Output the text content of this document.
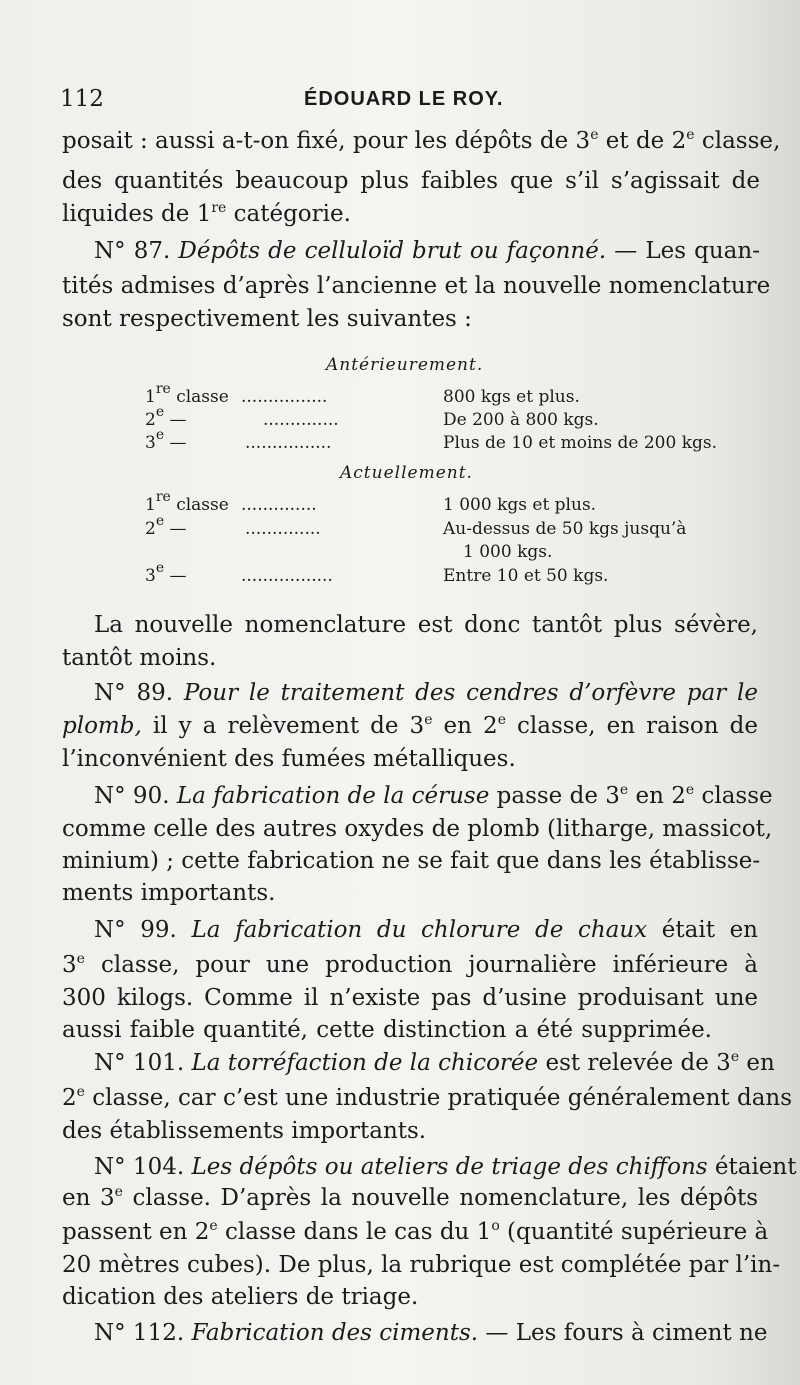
112	ÉDOUARD LE ROY.
posait : aussi a-t-on fixé, pour les dépôts de 3e et de 2e classe,
des quantités beaucoup plus faibles que s’il s’agissait de
liquides de 1re catégorie.
N° 87. Dépôts de celluloïd brut ou façonné. — Les quan-
tités admises d’après l’ancienne et la nouvelle nomenclature
sont respectivement les suivantes :
Antérieurement.
1re classe ................	800 kgs et plus.
2e —	..............	De 200 à 800 kgs.
3e —	................	Plus de 10 et moins de 200 kgs.
Actuellement.
1re classe ..............	1 000 kgs et plus.
2e —	..............	Au-dessus de 50 kgs jusqu’à
1 000 kgs.
3e —	.................	Entre 10 et 50 kgs.
La nouvelle nomenclature est donc tantôt plus sévère,
tantôt moins.
N° 89. Pour le traitement des cendres d’orfèvre par le
plomb, il y a relèvement de 3e en 2e classe, en raison de
l’inconvénient des fumées métalliques.
N° 90. La fabrication de la céruse passe de 3e en 2e classe
comme celle des autres oxydes de plomb (litharge, massicot,
minium) ; cette fabrication ne se fait que dans les établisse-
ments importants.
N° 99. La fabrication du chlorure de chaux était en
3e classe, pour une production journalière inférieure à
300 kilogs. Comme il n’existe pas d’usine produisant une
aussi faible quantité, cette distinction a été supprimée.
N° 101. La torréfaction de la chicorée est relevée de 3e en
2e classe, car c’est une industrie pratiquée généralement dans
des établissements importants.
N° 104. Les dépôts ou ateliers de triage des chiffons étaient
en 3e classe. D’après la nouvelle nomenclature, les dépôts
passent en 2e classe dans le cas du 1$^o$ (quantité supérieure à
20 mètres cubes). De plus, la rubrique est complétée par l’in-
dication des ateliers de triage.
N° 112. Fabrication des ciments. — Les fours à ciment ne
